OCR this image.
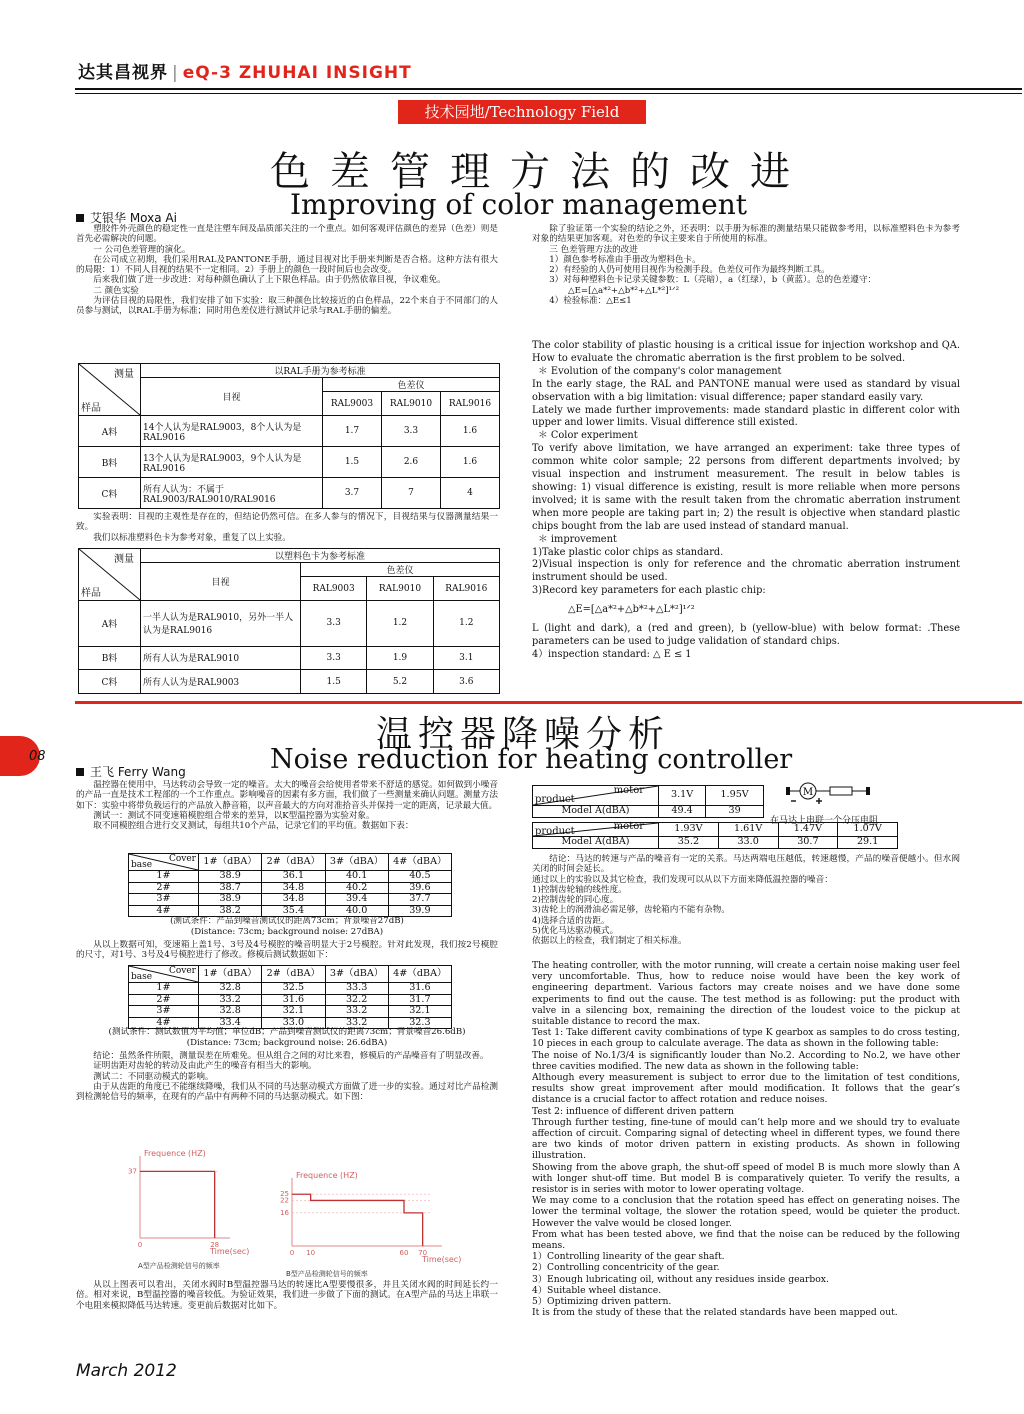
达其昌视界 | eQ-3 ZHUHAI INSIGHT
技术园地/Technology Field
色差管理方法的改进
Improving of color management
艾银华 Moxa Ai

塑胶件外壳颜色的稳定性一直是注塑车间及品质部关注的一个重点。如何客观评估颜色的差异（色差）则是首先必需解决的问题。

一 公司色差管理的演化。

在公司成立初期，我们采用RAL及PANTONE手册，通过目视对比手册来判断是否合格。这种方法有很大的局限：1）不同人目视的结果不一定相同。2）手册上的颜色一段时间后也会改变。

后来我们做了进一步改进：对每种颜色确认了上下限色样品。由于仍然依靠目视，争议难免。

二 颜色实验

为评估目视的局限性，我们安排了如下实验：取三种颜色比较接近的白色样品，22个来自于不同部门的人员参与测试，以RAL手册为标准；同时用色差仪进行测试并记录与RAL手册的偏差。

测量
样品	以RAL手册为参考标准			
	目视	色差仪		
		RAL9003	RAL9010	RAL9016
A料	14个人认为是RAL9003，8个人认为是RAL9016	1.7	3.3	1.6
B料	13个人认为是RAL9003，9个人认为是RAL9016	1.5	2.6	1.6
C料	所有人认为：不属于RAL9003/RAL9010/RAL9016	3.7	7	4

实验表明：目视的主观性是存在的，但结论仍然可信。在多人参与的情况下，目视结果与仪器测量结果一致。

我们以标准塑料色卡为参考对象，重复了以上实验。

测量
样品	以塑料色卡为参考标准			
	目视	色差仪		
		RAL9003	RAL9010	RAL9016
A料	一半人认为是RAL9010，另外一半人认为是RAL9016	3.3	1.2	1.2
B料	所有人认为是RAL9010	3.3	1.9	3.1
C料	所有人认为是RAL9003	1.5	5.2	3.6

除了验证第一个实验的结论之外，还表明：以手册为标准的测量结果只能做参考用，以标准塑料色卡为参考对象的结果更加客观。对色差的争议主要来自于所使用的标准。

三 色差管理方法的改进

1）颜色参考标准由手册改为塑料色卡。

2）有经验的人仍可使用目视作为检测手段。色差仪可作为最终判断工具。

3）对每种塑料色卡记录关键参数：L（亮暗），a（红绿），b（黄蓝）。总的色差遵守：

△E=[△a*²+△b*²+△L*²]¹ᐟ²

4）检验标准：△E≤1

The color stability of plastic housing is a critical issue for injection workshop and QA. How to evaluate the chromatic aberration is the first problem to be solved.

＊ Evolution of the company's color management

In the early stage, the RAL and PANTONE manual were used as standard by visual observation with a big limitation: visual difference; paper standard easily vary.

Lately we made further improvements: made standard plastic in different color with upper and lower limits. Visual difference still existed.

＊ Color experiment

To verify above limitation, we have arranged an experiment: take three types of common white color sample; 22 persons from different departments involved; by visual inspection and instrument measurement. The result in below tables is showing: 1) visual difference is existing, result is more reliable when more persons involved; it is same with the result taken from the chromatic aberration instrument when more people are taking part in; 2) the result is objective when standard plastic chips bought from the lab are used instead of standard manual.

＊ improvement

1)Take plastic color chips as standard.

2)Visual inspection is only for reference and the chromatic aberration instrument instrument should be used.

3)Record key parameters for each plastic chip:

△E=[△a*²+△b*²+△L*²]¹ᐟ²

L (light and dark), a (red and green), b (yellow-blue) with below format: .These parameters can be used to judge validation of standard chips.

4）inspection standard: △ E ≤ 1

08
温控器降噪分析
Noise reduction for heating controller
王飞 Ferry Wang

温控器在使用中，马达转动会导致一定的噪音。太大的噪音会给使用者带来不舒适的感觉。如何做到小噪音的产品一直是技术工程部的一个工作重点。影响噪音的因素有多方面，我们做了一些测量来确认问题。测量方法如下：实验中将带负载运行的产品放入静音箱，以声音最大的方向对准拾音头并保持一定的距离，记录最大值。

测试一：测试不同变速箱模腔组合带来的差异，以K型温控器为实验对象。

取不同模腔组合进行交叉测试，每组共10个产品，记录它们的平均值。数据如下表：

Cover
base	1#（dBA）	2#（dBA）	3#（dBA）	4#（dBA）
1#	38.9	36.1	40.1	40.5
2#	38.7	34.8	40.2	39.6
3#	38.9	34.8	39.4	37.7
4#	38.2	35.4	40.0	39.9
(测试条件：产品到噪音测试仪的距离73cm；背景噪音27dB)
(Distance: 73cm; background noise: 27dBA)

从以上数据可知，变速箱上盖1号、3号及4号模腔的噪音明显大于2号模腔。针对此发现，我们按2号模腔的尺寸，对1号、3号及4号模腔进行了修改。修模后测试数据如下：

Cover
base	1#（dBA）	2#（dBA）	3#（dBA）	4#（dBA）
1#	32.8	32.5	33.3	31.6
2#	33.2	31.6	32.2	31.7
3#	32.8	32.1	33.2	32.1
4#	33.4	33.0	33.2	32.3
(测试条件：测试数值为平均值；单位dB；产品到噪音测试仪的距离73cm；背景噪音26.6dB)
(Distance: 73cm; background noise: 26.6dBA)

结论：虽然条件所限，测量误差在所难免。但从组合之间的对比来看，修模后的产品噪音有了明显改善。

证明齿距对齿轮的转动及由此产生的噪音有相当大的影响。

测试二：不同驱动模式的影响。

由于从齿距的角度已不能继续降噪，我们从不同的马达驱动模式方面做了进一步的实验。通过对比产品检测到检测轮信号的频率，在现有的产品中有两种不同的马达驱动模式。如下图：

Frequence (HZ)
Time(sec)
0	28
37
A型产品检测轮信号的频率
Frequence (HZ)
Time(sec)
0 10	60 70
25
22
16
B型产品检测轮信号的频率

从以上图表可以看出，关闭水阀时B型温控器马达的转速比A型要慢很多，并且关闭水阀的时间延长约一倍。相对来说，B型温控器的噪音较低。为验证效果，我们进一步做了下面的测试。在A型产品的马达上串联一个电阻来模拟降低马达转速。变更前后数据对比如下。

motor
product	3.1V	1.95V
Model A(dBA)	49.4	39
motor
product	1.93V	1.61V	1.47V	1.07V
Model A(dBA)	35.2	33.0	30.7	29.1
M
在马达上串联一个分压电阻

结论：马达的转速与产品的噪音有一定的关系。马达两端电压越低，转速越慢，产品的噪音便越小。但水阀关闭的时间会延长。

通过以上的实验以及其它检查，我们发现可以从以下方面来降低温控器的噪音：

1)控制齿轮轴的线性度。

2)控制齿轮的同心度。

3)齿轮上的润滑油必需足够，齿轮箱内不能有杂物。

4)选择合适的齿距。

5)优化马达驱动模式。

依据以上的检查，我们制定了相关标准。

The heating controller, with the motor running, will create a certain noise making user feel very uncomfortable. Thus, how to reduce noise would have been the key work of engineering department. Various factors may create noises and we have done some experiments to find out the cause. The test method is as following: put the product with valve in a silencing box, remaining the direction of the loudest voice to the pickup at suitable distance to record the max.

Test 1: Take different cavity combinations of type K gearbox as samples to do cross testing, 10 pieces in each group to calculate average. The data as shown in the following table:

The noise of No.1/3/4 is significantly louder than No.2. According to No.2, we have other three cavities modified. The new data as shown in the following table:

Although every measurement is subject to error due to the limitation of test conditions, results show great improvement after mould modification. It follows that the gear’s distance is a crucial factor to affect rotation and reduce noises.

Test 2: influence of different driven pattern

Through further testing, fine-tune of mould can’t help more and we should try to evaluate affection of circuit. Comparing signal of detecting wheel in different types, we found there are two kinds of motor driven pattern in existing products. As shown in following illustration.

Showing from the above graph, the shut-off speed of model B is much more slowly than A with longer shut-off time. But model B is comparatively quieter. To verify the results, a resistor is in series with motor to lower operating voltage.

We may come to a conclusion that the rotation speed has effect on generating noises. The lower the terminal voltage, the slower the rotation speed, would be quieter the product. However the valve would be closed longer.

From what has been tested above, we find that the noise can be reduced by the following means.

1）Controlling linearity of the gear shaft.

2）Controlling concentricity of the gear.

3）Enough lubricating oil, without any residues inside gearbox.

4）Suitable wheel distance.

5）Optimizing driven pattern.

It is from the study of these that the related standards have been mapped out.

March 2012
